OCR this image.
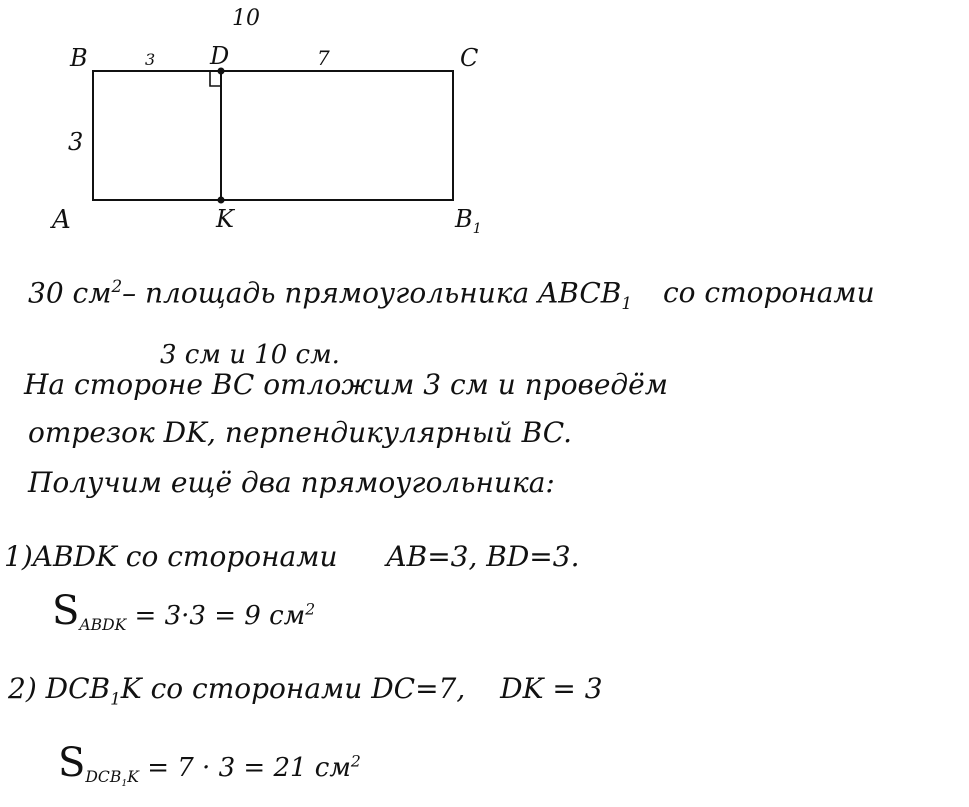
10
B	D	C
A	K	$B_1$
3
3	7
30 $см^2-$ площадь прямоугольника $ABCB_1$ со сторонами
3 см и 10 см.
На стороне BC отложим 3 см и проведём
отрезок DK, перпендикулярный BC.
Получим ещё два прямоугольника:
1)ABDK со сторонами AB=3, BD=3.
$S_{ABDK} = 3\cdot 3 = 9$ $см^2$
2) $DCB_1K$ со сторонами DC=7, DK = 3
$S_{DCB_1K} = 7 \cdot 3 = 21$ $см^2$
